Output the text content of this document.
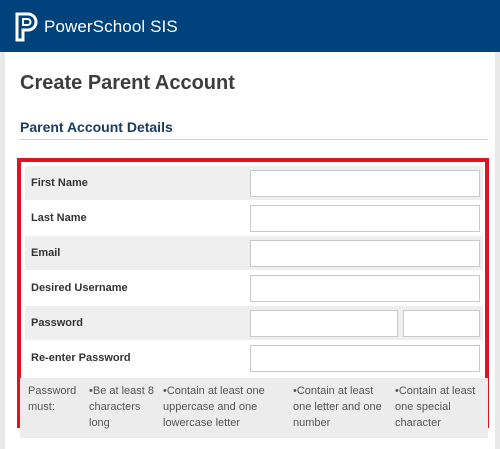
PowerSchool SIS
Create Parent Account
Parent Account Details
First Name
Last Name
Email
Desired Username
Password
Re-enter Password
Password must:
•Be at least 8 characters long
•Contain at least one uppercase and one lowercase letter
•Contain at least one letter and one number
•Contain at least one special character
